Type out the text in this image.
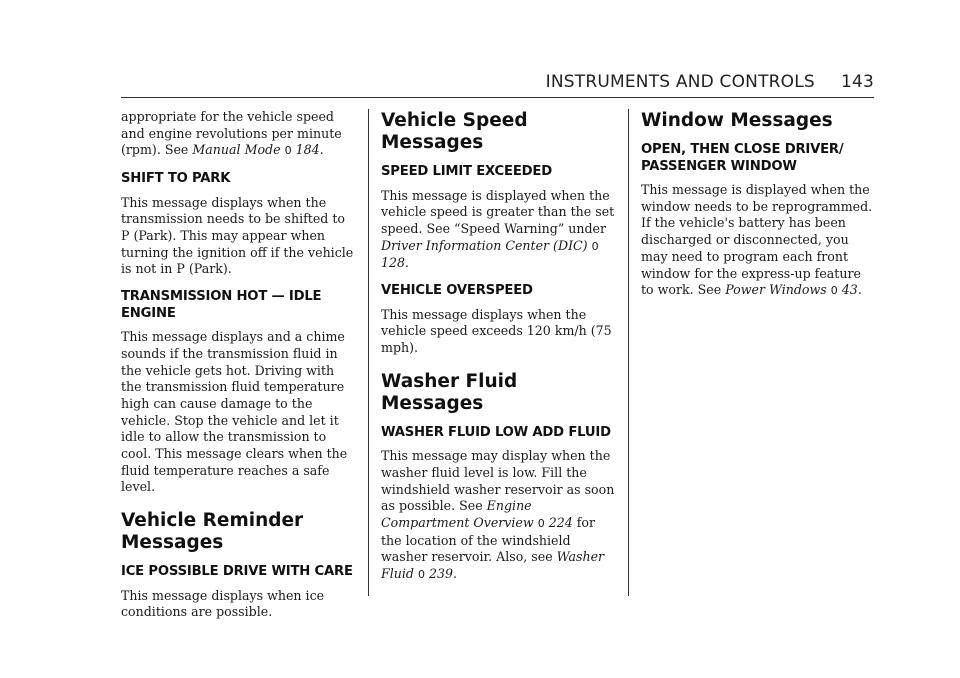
INSTRUMENTS AND CONTROLS 143

appropriate for the vehicle speed and engine revolutions per minute (rpm). See Manual Mode 0 184.

SHIFT TO PARK

This message displays when the transmission needs to be shifted to P (Park). This may appear when turning the ignition off if the vehicle is not in P (Park).

TRANSMISSION HOT — IDLE ENGINE

This message displays and a chime sounds if the transmission fluid in the vehicle gets hot. Driving with the transmission fluid temperature high can cause damage to the vehicle. Stop the vehicle and let it idle to allow the transmission to cool. This message clears when the fluid temperature reaches a safe level.

Vehicle Reminder Messages
ICE POSSIBLE DRIVE WITH CARE

This message displays when ice conditions are possible.

Vehicle Speed Messages
SPEED LIMIT EXCEEDED

This message is displayed when the vehicle speed is greater than the set speed. See “Speed Warning” under Driver Information Center (DIC) 0 128.

VEHICLE OVERSPEED

This message displays when the vehicle speed exceeds 120 km/h (75 mph).

Washer Fluid Messages
WASHER FLUID LOW ADD FLUID

This message may display when the washer fluid level is low. Fill the windshield washer reservoir as soon as possible. See Engine Compartment Overview 0 224 for the location of the windshield washer reservoir. Also, see Washer Fluid 0 239.

Window Messages
OPEN, THEN CLOSE DRIVER/ PASSENGER WINDOW

This message is displayed when the window needs to be reprogrammed. If the vehicle's battery has been discharged or disconnected, you may need to program each front window for the express-up feature to work. See Power Windows 0 43.
